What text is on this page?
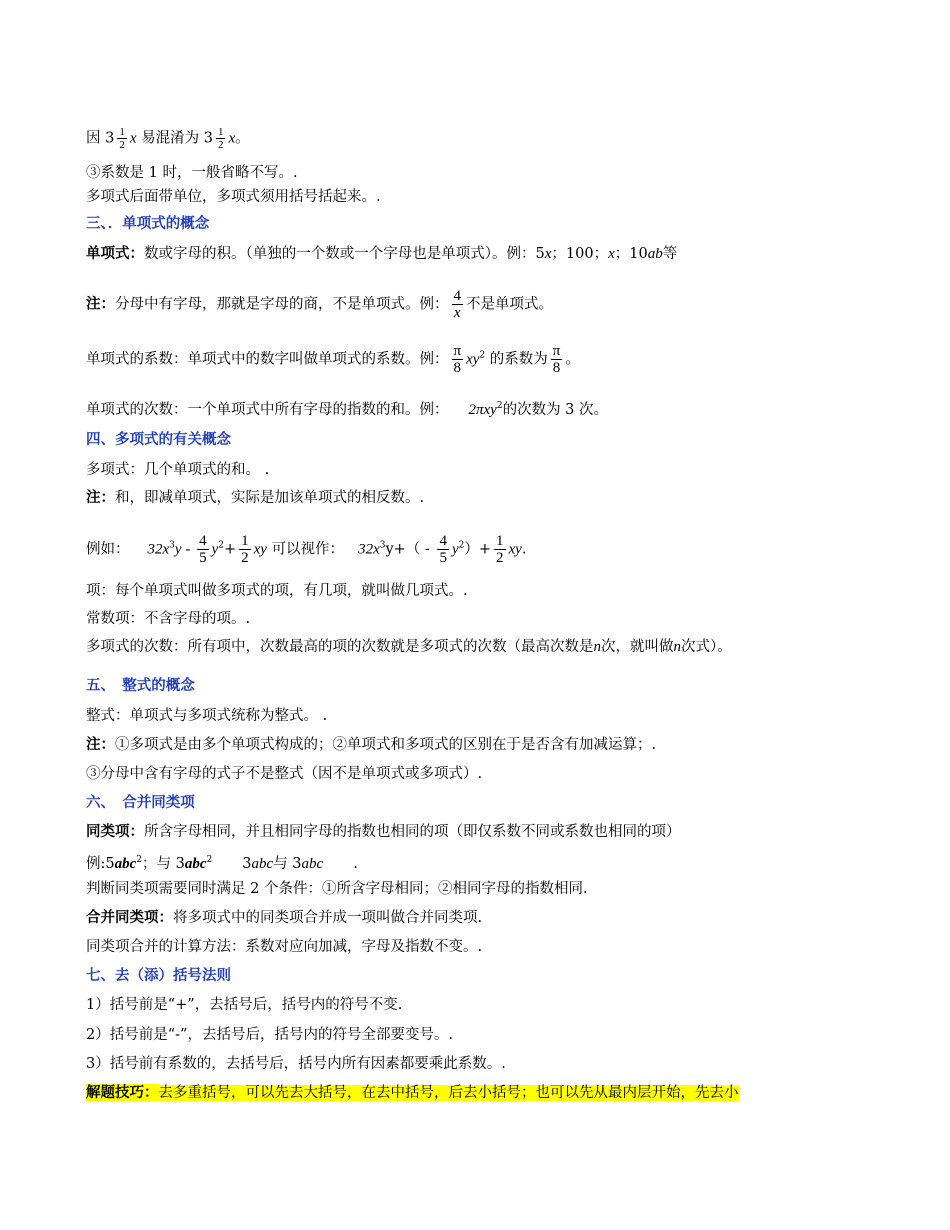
因 $3 \frac{1}{2}$ x 易混淆为 $3 \frac{1}{2}$ x。
③系数是 1 时，一般省略不写。.
多项式后面带单位，多项式须用括号括起来。.
三、．单项式的概念
单项式：数或字母的积。（单独的一个数或一个字母也是单项式）。例：5x；100；x；10ab等
注：分母中有字母，那就是字母的商，不是单项式。例： $\frac{4}{x}$ 不是单项式。
单项式的系数：单项式中的数字叫做单项式的系数。例： $\frac{\pi}{8} xy^2$ 的系数为 $\frac{\pi}{8}$ 。
单项式的次数：一个单项式中所有字母的指数的和。例： 2πxy$^2$的次数为 3 次。
四、多项式的有关概念
多项式：几个单项式的和。 .
注：和，即减单项式，实际是加该单项式的相反数。.
例如： $32x^3y - \frac{4}{5} y^2+ \frac{1}{2}$ xy 可以视作： $32x^3y+( - \frac{4}{5} y^2)+ \frac{1}{2}$ xy.
项：每个单项式叫做多项式的项，有几项，就叫做几项式。.
常数项：不含字母的项。.
多项式的次数：所有项中，次数最高的项的次数就是多项式的次数（最高次数是n次，就叫做n次式）。
五、　整式的概念
整式：单项式与多项式统称为整式。 .
注：①多项式是由多个单项式构成的；②单项式和多项式的区别在于是否含有加减运算；.
③分母中含有字母的式子不是整式（因不是单项式或多项式）.
六、　合并同类项
同类项：所含字母相同，并且相同字母的指数也相同的项（即仅系数不同或系数也相同的项）
例:5abc$^2$；与 3abc$^2$ 3abc与 3abc .
判断同类项需要同时满足 2 个条件：①所含字母相同；②相同字母的指数相同.
合并同类项：将多项式中的同类项合并成一项叫做合并同类项.
同类项合并的计算方法：系数对应向加减，字母及指数不变。.
七、去（添）括号法则
1）括号前是“+”，去括号后，括号内的符号不变.
2）括号前是“-”，去括号后，括号内的符号全部要变号。.
3）括号前有系数的，去括号后，括号内所有因素都要乘此系数。.
解题技巧：去多重括号，可以先去大括号，在去中括号，后去小括号；也可以先从最内层开始，先去小
